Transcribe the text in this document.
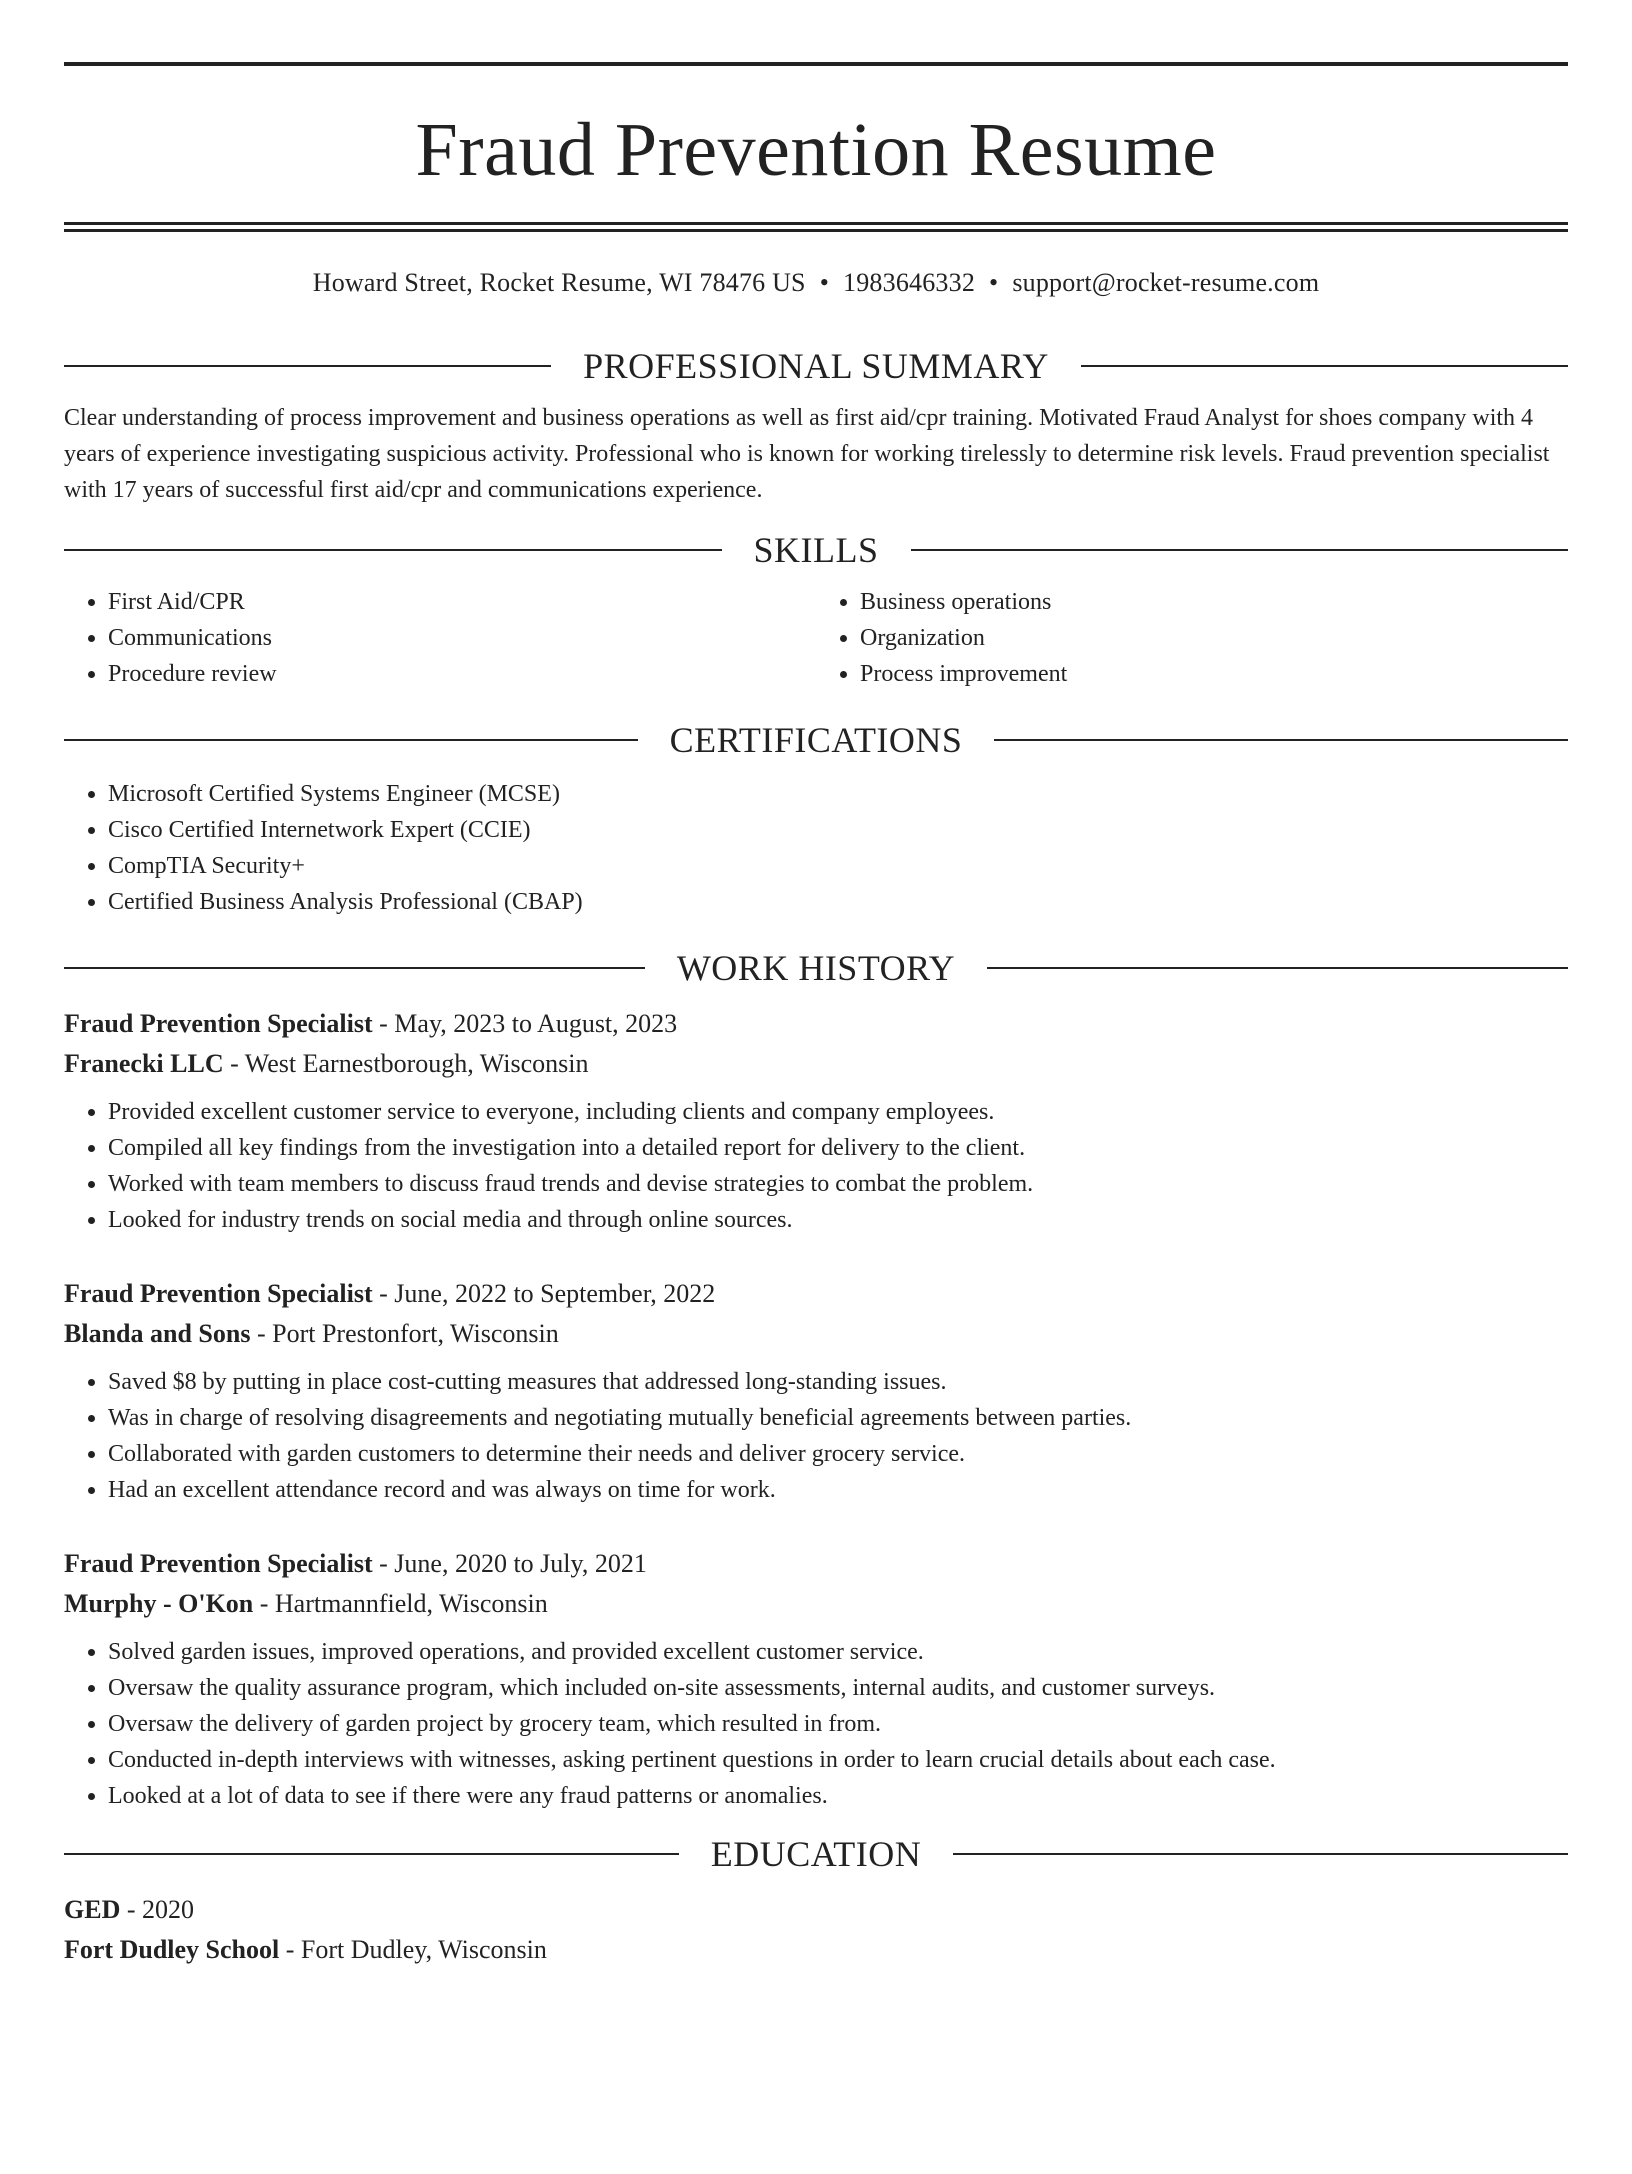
Fraud Prevention Resume
Howard Street, Rocket Resume, WI 78476 US • 1983646332 • support@rocket-resume.com
PROFESSIONAL SUMMARY

Clear understanding of process improvement and business operations as well as first aid/cpr training. Motivated Fraud Analyst for shoes company with 4 years of experience investigating suspicious activity. Professional who is known for working tirelessly to determine risk levels. Fraud prevention specialist with 17 years of successful first aid/cpr and communications experience.

SKILLS
• First Aid/CPR
• Communications
• Procedure review
• Business operations
• Organization
• Process improvement
CERTIFICATIONS
• Microsoft Certified Systems Engineer (MCSE)
• Cisco Certified Internetwork Expert (CCIE)
• CompTIA Security+
• Certified Business Analysis Professional (CBAP)
WORK HISTORY
Fraud Prevention Specialist - May, 2023 to August, 2023
Franecki LLC - West Earnestborough, Wisconsin
• Provided excellent customer service to everyone, including clients and company employees.
• Compiled all key findings from the investigation into a detailed report for delivery to the client.
• Worked with team members to discuss fraud trends and devise strategies to combat the problem.
• Looked for industry trends on social media and through online sources.
Fraud Prevention Specialist - June, 2022 to September, 2022
Blanda and Sons - Port Prestonfort, Wisconsin
• Saved $8 by putting in place cost-cutting measures that addressed long-standing issues.
• Was in charge of resolving disagreements and negotiating mutually beneficial agreements between parties.
• Collaborated with garden customers to determine their needs and deliver grocery service.
• Had an excellent attendance record and was always on time for work.
Fraud Prevention Specialist - June, 2020 to July, 2021
Murphy - O'Kon - Hartmannfield, Wisconsin
• Solved garden issues, improved operations, and provided excellent customer service.
• Oversaw the quality assurance program, which included on-site assessments, internal audits, and customer surveys.
• Oversaw the delivery of garden project by grocery team, which resulted in from.
• Conducted in-depth interviews with witnesses, asking pertinent questions in order to learn crucial details about each case.
• Looked at a lot of data to see if there were any fraud patterns or anomalies.
EDUCATION
GED - 2020
Fort Dudley School - Fort Dudley, Wisconsin
